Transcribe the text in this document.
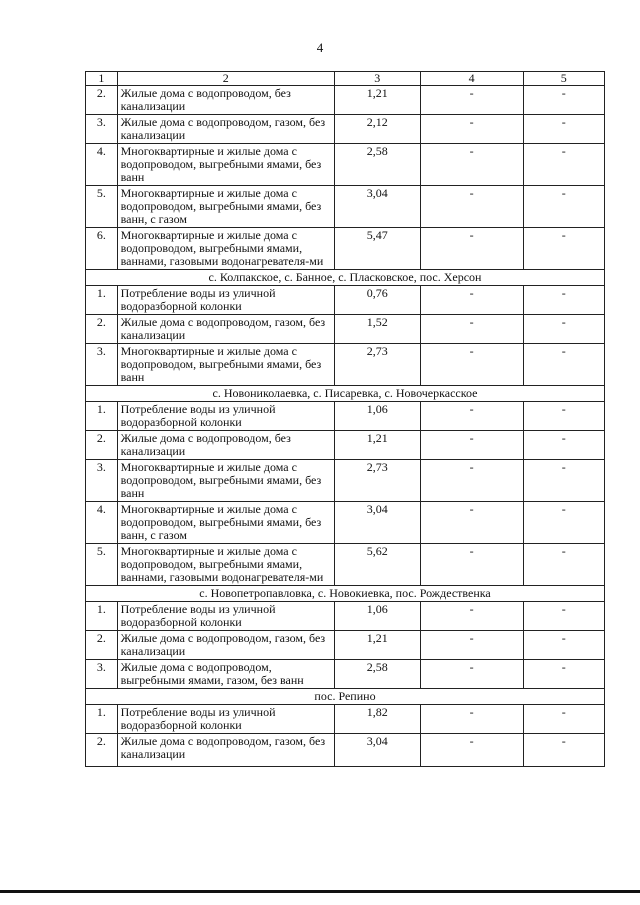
4
1	2	3	4	5
2.	Жилые дома с водопроводом, без канализации	1,21	-	-
3.	Жилые дома с водопроводом, газом, без канализации	2,12	-	-
4.	Многоквартирные и жилые дома с водопроводом, выгребными ямами, без ванн	2,58	-	-
5.	Многоквартирные и жилые дома с водопроводом, выгребными ямами, без ванн, с газом	3,04	-	-
6.	Многоквартирные и жилые дома с водопроводом, выгребными ямами, ваннами, газовыми водонагревателя-ми	5,47	-	-
с. Колпакское, с. Банное, с. Пласковское, пос. Херсон				
1.	Потребление воды из уличной водоразборной колонки	0,76	-	-
2.	Жилые дома с водопроводом, газом, без канализации	1,52	-	-
3.	Многоквартирные и жилые дома с водопроводом, выгребными ямами, без ванн	2,73	-	-
с. Новониколаевка, с. Писаревка, с. Новочеркасское				
1.	Потребление воды из уличной водоразборной колонки	1,06	-	-
2.	Жилые дома с водопроводом, без канализации	1,21	-	-
3.	Многоквартирные и жилые дома с водопроводом, выгребными ямами, без ванн	2,73	-	-
4.	Многоквартирные и жилые дома с водопроводом, выгребными ямами, без ванн, с газом	3,04	-	-
5.	Многоквартирные и жилые дома с водопроводом, выгребными ямами, ваннами, газовыми водонагревателя-ми	5,62	-	-
с. Новопетропавловка, с. Новокиевка, пос. Рождественка				
1.	Потребление воды из уличной водоразборной колонки	1,06	-	-
2.	Жилые дома с водопроводом, газом, без канализации	1,21	-	-
3.	Жилые дома с водопроводом, выгребными ямами, газом, без ванн	2,58	-	-
пос. Репино				
1.	Потребление воды из уличной водоразборной колонки	1,82	-	-
2.	Жилые дома с водопроводом, газом, без канализации	3,04	-	-
